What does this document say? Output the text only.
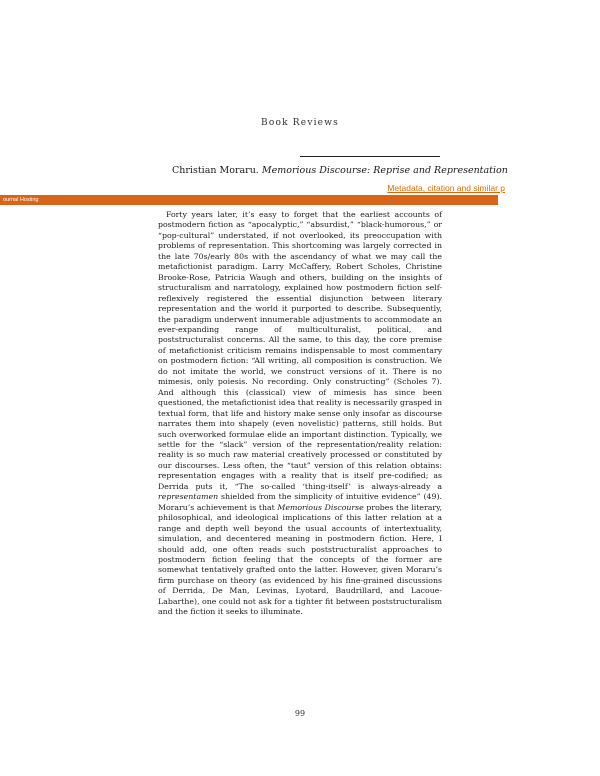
Book Reviews
Christian Moraru. Memorious Discourse: Reprise and Representation
Metadata, citation and similar p
ournal Hosting

Forty years later, it’s easy to forget that the earliest accounts of postmodern fiction as “apocalyptic,” “absurdist,” “black-humorous,” or “pop-cultural” understated, if not overlooked, its preoccupation with problems of representation. This shortcoming was largely corrected in the late 70s/early 80s with the ascendancy of what we may call the metafictionist paradigm. Larry McCaffery, Robert Scholes, Christine Brooke-Rose, Patricia Waugh and others, building on the insights of structuralism and narratology, explained how postmodern fiction self-reflexively registered the essential disjunction between literary representation and the world it purported to describe. Subsequently, the paradigm underwent innumerable adjustments to accommodate an ever-expanding range of multiculturalist, political, and poststructuralist concerns. All the same, to this day, the core premise of metafictionist criticism remains indispensable to most commentary on postmodern fiction: “All writing, all composition is construction. We do not imitate the world, we construct versions of it. There is no mimesis, only poiesis. No recording. Only constructing” (Scholes 7). And although this (classical) view of mimesis has since been questioned, the metafictionist idea that reality is necessarily grasped in textual form, that life and history make sense only insofar as discourse narrates them into shapely (even novelistic) patterns, still holds. But such overworked formulae elide an important distinction. Typically, we settle for the “slack” version of the representation/reality relation: reality is so much raw material creatively processed or constituted by our discourses. Less often, the “taut” version of this relation obtains: representation engages with a reality that is itself pre-codified; as Derrida puts it, “The so-called ‘thing-itself’ is always-already a representamen shielded from the simplicity of intuitive evidence” (49). Moraru’s achievement is that Memorious Discourse probes the literary, philosophical, and ideological implications of this latter relation at a range and depth well beyond the usual accounts of intertextuality, simulation, and decentered meaning in postmodern fiction. Here, I should add, one often reads such poststructuralist approaches to postmodern fiction feeling that the concepts of the former are somewhat tentatively grafted onto the latter. However, given Moraru’s firm purchase on theory (as evidenced by his fine-grained discussions of Derrida, De Man, Levinas, Lyotard, Baudrillard, and Lacoue-Labarthe), one could not ask for a tighter fit between poststructuralism and the fiction it seeks to illuminate.

99
